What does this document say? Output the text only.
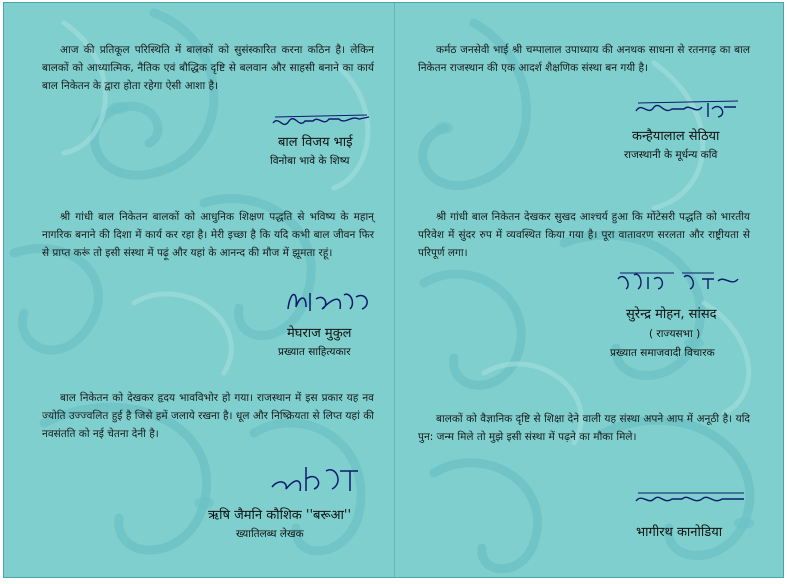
आज की प्रतिकूल परिस्थिति में बालकों को सुसंस्कारित करना कठिन है। लेकिन बालकों को आध्यात्मिक, नैतिक एवं बौद्धिक दृष्टि से बलवान और साहसी बनाने का कार्य बाल निकेतन के द्वारा होता रहेगा ऐसी आशा है।

बाल विजय भाई
विनोबा भावे के शिष्य

श्री गांधी बाल निकेतन बालकों को आधुनिक शिक्षण पद्धति से भविष्य के महान् नागरिक बनाने की दिशा में कार्य कर रहा है। मेरी इच्छा है कि यदि कभी बाल जीवन फिर से प्राप्त करूं तो इसी संस्था में पढ़ूं और यहां के आनन्द की मौज में झूमता रहूं।

मेघराज मुकुल
प्रख्यात साहित्यकार

बाल निकेतन को देखकर हृदय भावविभोर हो गया। राजस्थान में इस प्रकार यह नव ज्योति उज्ज्वलित हुई है जिसे हमें जलाये रखना है। धूल और निष्क्रियता से लिप्त यहां की नवसंतति को नई चेतना देनी है।

ऋषि जैमनि कौशिक ''बरूआ''
ख्यातिलब्ध लेखक

कर्मठ जनसेवी भाई श्री चम्पालाल उपाध्याय की अनथक साधना से रतनगढ़ का बाल निकेतन राजस्थान की एक आदर्श शैक्षणिक संस्था बन गयी है।

कन्हैयालाल सेठिया
राजस्थानी के मूर्धन्य कवि

श्री गांधी बाल निकेतन देखकर सुखद आश्चर्य हुआ कि मोंटेसरी पद्धति को भारतीय परिवेश में सुंदर रुप में व्यवस्थित किया गया है। पूरा वातावरण सरलता और राष्ट्रीयता से परिपूर्ण लगा।

सुरेन्द्र मोहन, सांसद
( राज्यसभा )
प्रख्यात समाजवादी विचारक

बालकों को वैज्ञानिक दृष्टि से शिक्षा देने वाली यह संस्था अपने आप में अनूठी है। यदि पुन: जन्म मिले तो मुझे इसी संस्था में पढ़ने का मौका मिले।

भागीरथ कानोडिया
